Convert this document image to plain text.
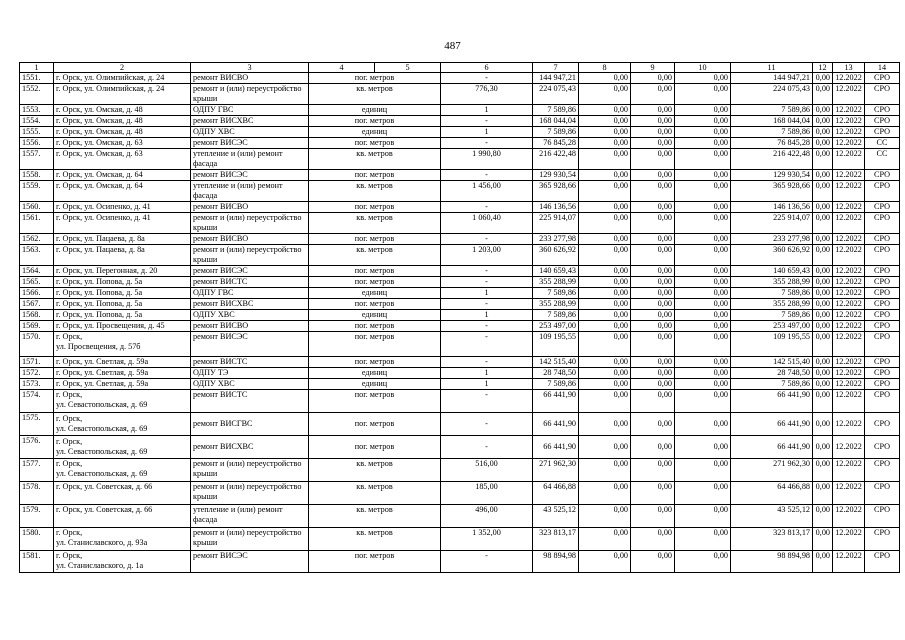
487
1	2	3	4	5	6	7	8	9	10	11	12	13	14
1551.	г. Орск, ул. Олимпийская, д. 24	ремонт ВИСВО	пог. метров		-	144 947,21	0,00	0,00	0,00	144 947,21	0,00	12.2022	СРО
1552.	г. Орск, ул. Олимпийская, д. 24	ремонт и (или) переустройство крыши	кв. метров		776,30	224 075,43	0,00	0,00	0,00	224 075,43	0,00	12.2022	СРО
1553.	г. Орск, ул. Омская, д. 48	ОДПУ ГВС	единиц		1	7 589,86	0,00	0,00	0,00	7 589,86	0,00	12.2022	СРО
1554.	г. Орск, ул. Омская, д. 48	ремонт ВИСХВС	пог. метров		-	168 044,04	0,00	0,00	0,00	168 044,04	0,00	12.2022	СРО
1555.	г. Орск, ул. Омская, д. 48	ОДПУ ХВС	единиц		1	7 589,86	0,00	0,00	0,00	7 589,86	0,00	12.2022	СРО
1556.	г. Орск, ул. Омская, д. 63	ремонт ВИСЭС	пог. метров		-	76 845,28	0,00	0,00	0,00	76 845,28	0,00	12.2022	СС
1557.	г. Орск, ул. Омская, д. 63	утепление и (или) ремонт фасада	кв. метров		1 990,80	216 422,48	0,00	0,00	0,00	216 422,48	0,00	12.2022	СС
1558.	г. Орск, ул. Омская, д. 64	ремонт ВИСЭС	пог. метров		-	129 930,54	0,00	0,00	0,00	129 930,54	0,00	12.2022	СРО
1559.	г. Орск, ул. Омская, д. 64	утепление и (или) ремонт фасада	кв. метров		1 456,00	365 928,66	0,00	0,00	0,00	365 928,66	0,00	12.2022	СРО
1560.	г. Орск, ул. Осипенко, д. 41	ремонт ВИСВО	пог. метров		-	146 136,56	0,00	0,00	0,00	146 136,56	0,00	12.2022	СРО
1561.	г. Орск, ул. Осипенко, д. 41	ремонт и (или) переустройство крыши	кв. метров		1 060,40	225 914,07	0,00	0,00	0,00	225 914,07	0,00	12.2022	СРО
1562.	г. Орск, ул. Пацаева, д. 8а	ремонт ВИСВО	пог. метров		-	233 277,98	0,00	0,00	0,00	233 277,98	0,00	12.2022	СРО
1563.	г. Орск, ул. Пацаева, д. 8а	ремонт и (или) переустройство крыши	кв. метров		1 203,00	360 626,92	0,00	0,00	0,00	360 626,92	0,00	12.2022	СРО
1564.	г. Орск, ул. Перегонная, д. 20	ремонт ВИСЭС	пог. метров		-	140 659,43	0,00	0,00	0,00	140 659,43	0,00	12.2022	СРО
1565.	г. Орск, ул. Попова, д. 5а	ремонт ВИСТС	пог. метров		-	355 288,99	0,00	0,00	0,00	355 288,99	0,00	12.2022	СРО
1566.	г. Орск, ул. Попова, д. 5а	ОДПУ ГВС	единиц		1	7 589,86	0,00	0,00	0,00	7 589,86	0,00	12.2022	СРО
1567.	г. Орск, ул. Попова, д. 5а	ремонт ВИСХВС	пог. метров		-	355 288,99	0,00	0,00	0,00	355 288,99	0,00	12.2022	СРО
1568.	г. Орск, ул. Попова, д. 5а	ОДПУ ХВС	единиц		1	7 589,86	0,00	0,00	0,00	7 589,86	0,00	12.2022	СРО
1569.	г. Орск, ул. Просвещения, д. 45	ремонт ВИСВО	пог. метров		-	253 497,00	0,00	0,00	0,00	253 497,00	0,00	12.2022	СРО
1570.	г. Орск,
ул. Просвещения, д. 57б	ремонт ВИСЭС	пог. метров		-	109 195,55	0,00	0,00	0,00	109 195,55	0,00	12.2022	СРО
1571.	г. Орск, ул. Светлая, д. 59а	ремонт ВИСТС	пог. метров		-	142 515,40	0,00	0,00	0,00	142 515,40	0,00	12.2022	СРО
1572.	г. Орск, ул. Светлая, д. 59а	ОДПУ ТЭ	единиц		1	28 748,50	0,00	0,00	0,00	28 748,50	0,00	12.2022	СРО
1573.	г. Орск, ул. Светлая, д. 59а	ОДПУ ХВС	единиц		1	7 589,86	0,00	0,00	0,00	7 589,86	0,00	12.2022	СРО
1574.	г. Орск,
ул. Севастопольская, д. 69	ремонт ВИСТС	пог. метров		-	66 441,90	0,00	0,00	0,00	66 441,90	0,00	12.2022	СРО
1575.	г. Орск,
ул. Севастопольская, д. 69	ремонт ВИСГВС	пог. метров		-	66 441,90	0,00	0,00	0,00	66 441,90	0,00	12.2022	СРО
1576.	г. Орск,
ул. Севастопольская, д. 69	ремонт ВИСХВС	пог. метров		-	66 441,90	0,00	0,00	0,00	66 441,90	0,00	12.2022	СРО
1577.	г. Орск,
ул. Севастопольская, д. 69	ремонт и (или) переустройство крыши	кв. метров		516,00	271 962,30	0,00	0,00	0,00	271 962,30	0,00	12.2022	СРО
1578.	г. Орск, ул. Советская, д. 66	ремонт и (или) переустройство крыши	кв. метров		185,00	64 466,88	0,00	0,00	0,00	64 466,88	0,00	12.2022	СРО
1579.	г. Орск, ул. Советская, д. 66	утепление и (или) ремонт фасада	кв. метров		496,00	43 525,12	0,00	0,00	0,00	43 525,12	0,00	12.2022	СРО
1580.	г. Орск,
ул. Станиславского, д. 93а	ремонт и (или) переустройство крыши	кв. метров		1 352,00	323 813,17	0,00	0,00	0,00	323 813,17	0,00	12.2022	СРО
1581.	г. Орск,
ул. Станиславского, д. 1а	ремонт ВИСЭС	пог. метров		-	98 894,98	0,00	0,00	0,00	98 894,98	0,00	12.2022	СРО
